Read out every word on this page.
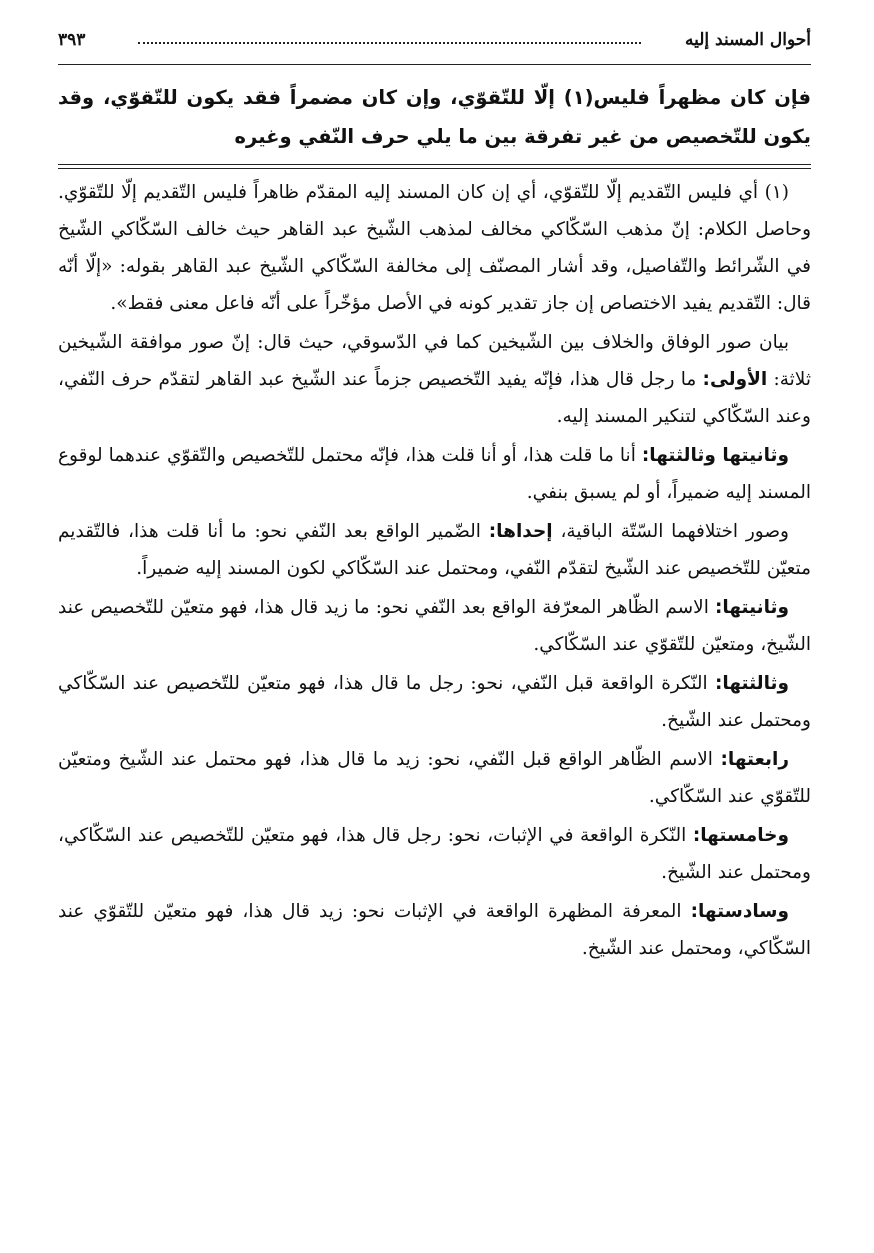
أحوال المسند إليه
٣٩٣
فإن كان مظهراً فليس(١) إلّا للتّقوّي، وإن كان مضمراً فقد يكون للتّقوّي، وقد يكون للتّخصيص من غير تفرقة بين ما يلي حرف النّفي وغيره

(١) أي فليس التّقديم إلّا للتّقوّي، أي إن كان المسند إليه المقدّم ظاهراً فليس التّقديم إلّا للتّقوّي. وحاصل الكلام: إنّ مذهب السّكّاكي مخالف لمذهب الشّيخ عبد القاهر حيث خالف السّكّاكي الشّيخ في الشّرائط والتّفاصيل، وقد أشار المصنّف إلى مخالفة السّكّاكي الشّيخ عبد القاهر بقوله: «إلّا أنّه قال: التّقديم يفيد الاختصاص إن جاز تقدير كونه في الأصل مؤخّراً على أنّه فاعل معنى فقط».

بيان صور الوفاق والخلاف بين الشّيخين كما في الدّسوقي، حيث قال: إنّ صور موافقة الشّيخين ثلاثة: الأولى: ما رجل قال هذا، فإنّه يفيد التّخصيص جزماً عند الشّيخ عبد القاهر لتقدّم حرف النّفي، وعند السّكّاكي لتنكير المسند إليه.

وثانيتها وثالثتها: أنا ما قلت هذا، أو أنا قلت هذا، فإنّه محتمل للتّخصيص والتّقوّي عندهما لوقوع المسند إليه ضميراً، أو لم يسبق بنفي.

وصور اختلافهما السّتّة الباقية، إحداها: الضّمير الواقع بعد النّفي نحو: ما أنا قلت هذا، فالتّقديم متعيّن للتّخصيص عند الشّيخ لتقدّم النّفي، ومحتمل عند السّكّاكي لكون المسند إليه ضميراً.

وثانيتها: الاسم الظّاهر المعرّفة الواقع بعد النّفي نحو: ما زيد قال هذا، فهو متعيّن للتّخصيص عند الشّيخ، ومتعيّن للتّقوّي عند السّكّاكي.

وثالثتها: النّكرة الواقعة قبل النّفي، نحو: رجل ما قال هذا، فهو متعيّن للتّخصيص عند السّكّاكي ومحتمل عند الشّيخ.

رابعتها: الاسم الظّاهر الواقع قبل النّفي، نحو: زيد ما قال هذا، فهو محتمل عند الشّيخ ومتعيّن للتّقوّي عند السّكّاكي.

وخامستها: النّكرة الواقعة في الإثبات، نحو: رجل قال هذا، فهو متعيّن للتّخصيص عند السّكّاكي، ومحتمل عند الشّيخ.

وسادستها: المعرفة المظهرة الواقعة في الإثبات نحو: زيد قال هذا، فهو متعيّن للتّقوّي عند السّكّاكي، ومحتمل عند الشّيخ.
